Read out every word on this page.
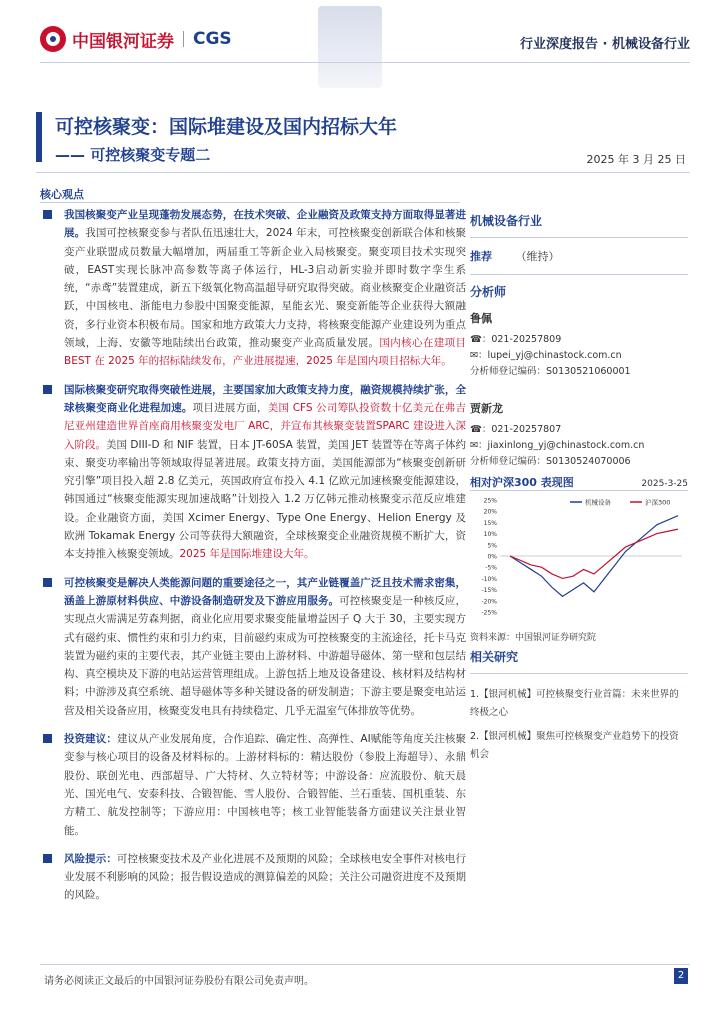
中国银河证券 CGS	行业深度报告 · 机械设备行业
可控核聚变：国际堆建设及国内招标大年
—— 可控核聚变专题二	2025 年 3 月 25 日
核心观点
我国核聚变产业呈现蓬勃发展态势，在技术突破、企业融资及政策支持方面取得显著进展。我国可控核聚变参与者队伍迅速壮大，2024 年末，可控核聚变创新联合体和核聚变产业联盟成员数量大幅增加，两届重工等新企业入局核聚变。聚变项目技术实现突破，EAST实现长脉冲高参数等离子体运行，HL-3启动新实验并即时数字孪生系统，“赤鸢”装置建成，新五下级氧化物高温超导研究取得突破。商业核聚变企业融资活跃，中国核电、浙能电力参股中国聚变能源，星能玄光、聚变新能等企业获得大额融资，多行业资本积极布局。国家和地方政策大力支持，将核聚变能源产业建设列为重点领域，上海、安徽等地陆续出台政策，推动聚变产业高质量发展。国内核心在建项目 BEST 在 2025 年的招标陆续发布，产业进展提速，2025 年是国内项目招标大年。
国际核聚变研究取得突破性进展，主要国家加大政策支持力度，融资规模持续扩张，全球核聚变商业化进程加速。项目进展方面，美国 CFS 公司筹队投资数十亿美元在弗吉尼亚州建造世界首座商用核聚变发电厂 ARC，并宣布其核聚变装置SPARC 建设进入深入阶段。美国 DIII-D 和 NIF 装置，日本 JT-60SA 装置，美国 JET 装置等在等离子体约束、聚变功率输出等领域取得显著进展。政策支持方面，美国能源部为“核聚变创新研究引擎”项目投入超 2.8 亿美元，英国政府宣布投入 4.1 亿欧元加速核聚变能源建设，韩国通过“核聚变能源实现加速战略”计划投入 1.2 万亿韩元推动核聚变示范反应堆建设。企业融资方面，美国 Xcimer Energy、Type One Energy、Helion Energy 及欧洲 Tokamak Energy 公司等获得大额融资，全球核聚变企业融资规模不断扩大，资本支持推入核聚变领域。2025 年是国际堆建设大年。
可控核聚变是解决人类能源问题的重要途径之一，其产业链覆盖广泛且技术需求密集，涵盖上游原材料供应、中游设备制造研发及下游应用服务。可控核聚变是一种核反应，实现点火需满足劳森判据，商业化应用要求聚变能量增益因子 Q 大于 30，主要实现方式有磁约束、惯性约束和引力约束，目前磁约束成为可控核聚变的主流途径，托卡马克装置为磁约束的主要代表，其产业链主要由上游材料、中游超导磁体、第一壁和包层结构、真空模块及下游的电站运营管理组成。上游包括上地及设备建设、核材料及结构材料；中游涉及真空系统、超导磁体等多种关键设备的研发制造；下游主要是聚变电站运营及相关设备应用，核聚变发电具有持续稳定、几乎无温室气体排放等优势。
投资建议：建议从产业发展角度，合作追踪、确定性、高弹性、AI赋能等角度关注核聚变参与核心项目的设备及材料标的。上游材料标的：精达股份（参股上海超导）、永鼎股份、联创光电、西部超导、广大特材、久立特材等；中游设备：应流股份、航天晨光、国光电气、安泰科技、合锻智能、雪人股份、合锻智能、兰石重装、国机重装、东方精工、航发控制等；下游应用：中国核电等；核工业智能装备方面建议关注景业智能。
风险提示：可控核聚变技术及产业化进展不及预期的风险；全球核电安全事件对核电行业发展不利影响的风险；报告假设造成的测算偏差的风险；关注公司融资进度不及预期的风险。
机械设备行业
推荐 （维持）
分析师
鲁佩
☎：021-20257809
✉：lupei_yj@chinastock.com.cn
分析师登记编码：S0130521060001
贾新龙
☎：021-20257807
✉：jiaxinlong_yj@chinastock.com.cn
分析师登记编码：S0130524070006
相对沪深300 表现图	2025-3-25
25%
20%
15%
10%
5%
0%
-5%
-10%
-15%
-20%
-25%
机械设备	沪深300
资料来源：中国银河证券研究院
相关研究
1.【银河机械】可控核聚变行业首篇：未来世界的终极之心
2.【银河机械】聚焦可控核聚变产业趋势下的投资机会
请务必阅读正文最后的中国银河证券股份有限公司免责声明。
2
